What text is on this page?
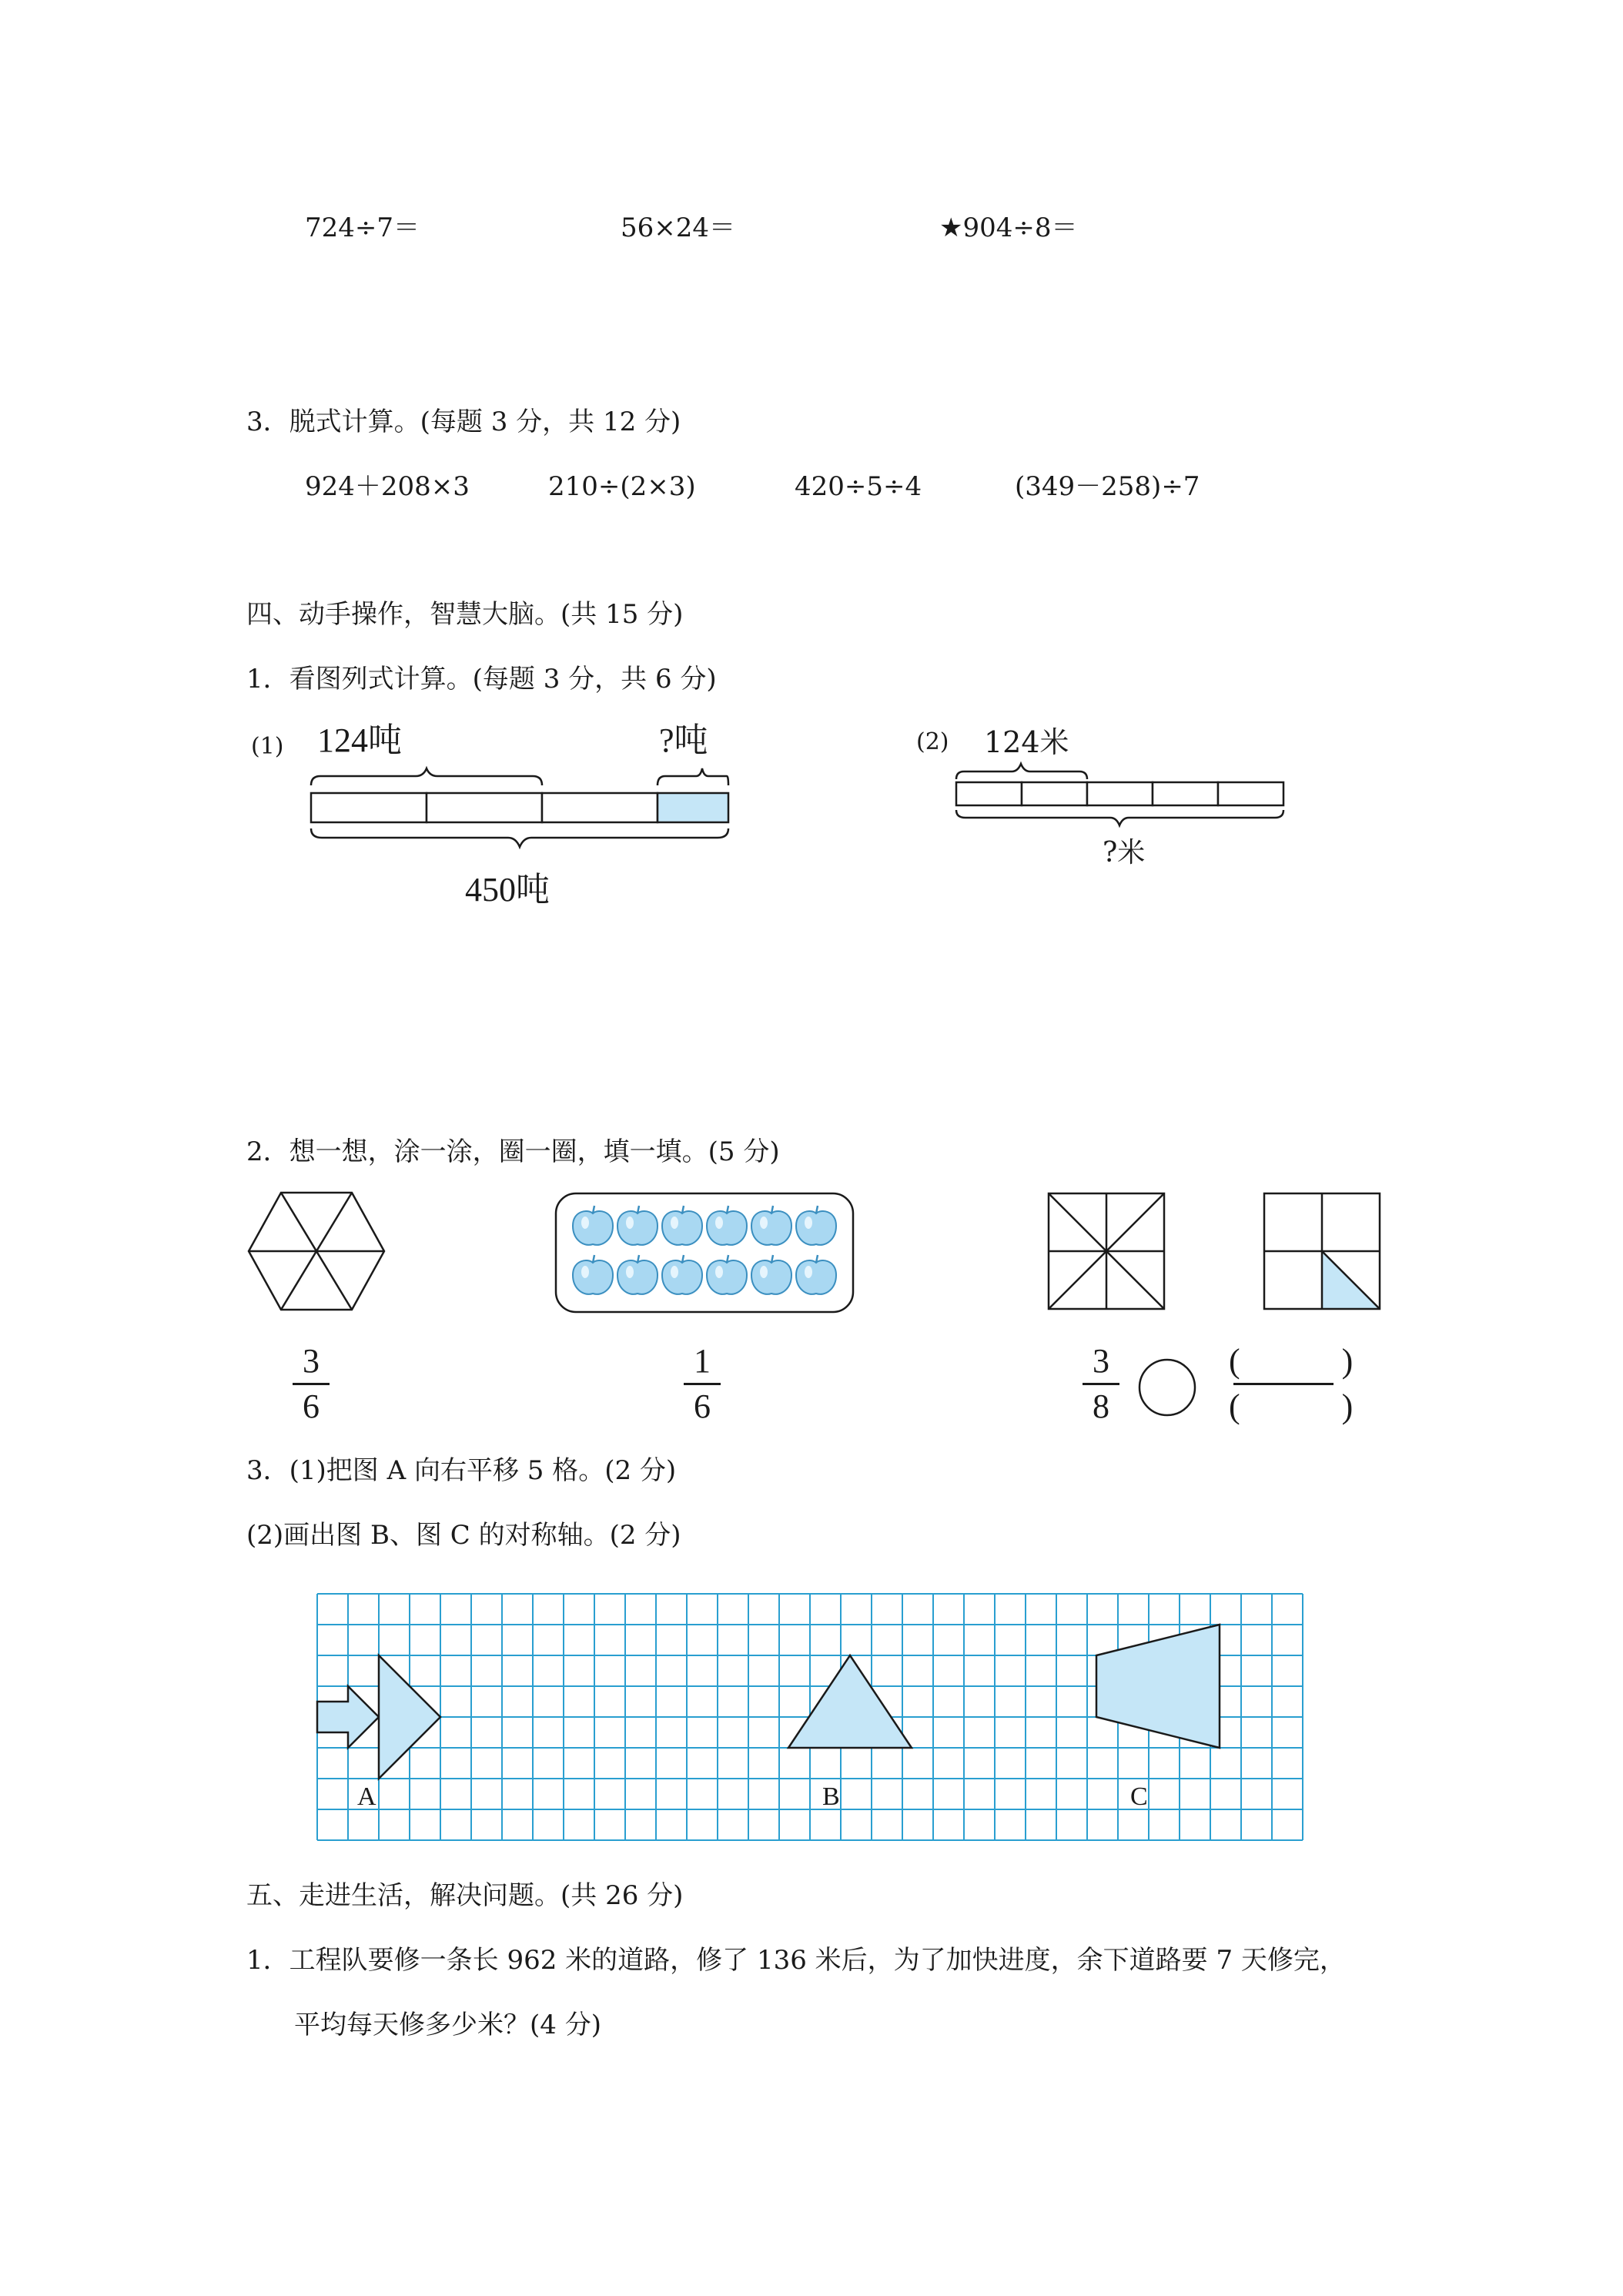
724÷7＝	56×24＝	★904÷8＝
3．脱式计算。(每题 3 分，共 12 分)
924＋208×3	210÷(2×3)	420÷5÷4	(349－258)÷7
四、动手操作，智慧大脑。(共 15 分)
1．看图列式计算。(每题 3 分，共 6 分)
(1) 124吨	?吨
450吨
(2) 124米
?米
2．想一想，涂一涂，圈一圈，填一填。(5 分)
3
6
1
6
3
8
(　　　)
(　　　)
3．(1)把图 A 向右平移 5 格。(2 分)
(2)画出图 B、图 C 的对称轴。(2 分)
A	B	C
五、走进生活，解决问题。(共 26 分)
1．工程队要修一条长 962 米的道路，修了 136 米后，为了加快进度，余下道路要 7 天修完，
平均每天修多少米？(4 分)
